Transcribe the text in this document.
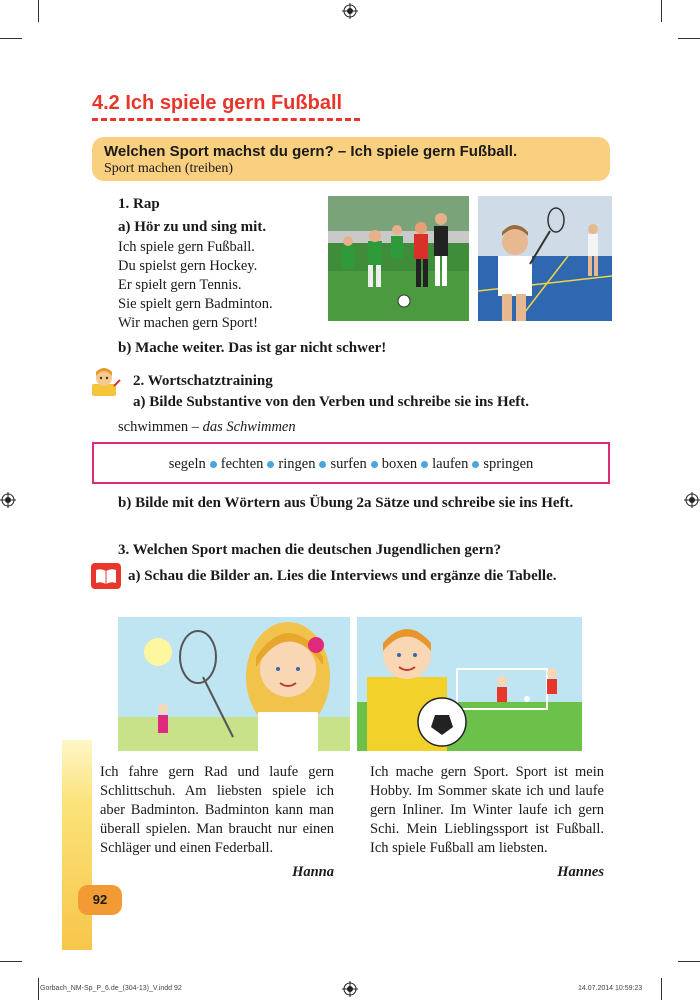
4.2 Ich spiele gern Fußball
Welchen Sport machst du gern? – Ich spiele gern Fußball.
Sport machen (treiben)
1. Rap
a) Hör zu und sing mit.
Ich spiele gern Fußball.
Du spielst gern Hockey.
Er spielt gern Tennis.
Sie spielt gern Badminton.
Wir machen gern Sport!
b) Mache weiter. Das ist gar nicht schwer!
2. Wortschatztraining
a) Bilde Substantive von den Verben und schreibe sie ins Heft.
schwimmen – das Schwimmen
segeln fechten ringen surfen boxen laufen springen
b) Bilde mit den Wörtern aus Übung 2a Sätze und schreibe sie ins Heft.
3. Welchen Sport machen die deutschen Jugendlichen gern?
a) Schau die Bilder an. Lies die Interviews und ergänze die Tabelle.
Ich fahre gern Rad und laufe gern Schlittschuh. Am liebsten spiele ich aber Badminton. Badminton kann man überall spielen. Man braucht nur einen Schläger und einen Federball.
Hanna
Ich mache gern Sport. Sport ist mein Hobby. Im Sommer skate ich und laufe gern Inliner. Im Winter laufe ich gern Schi. Mein Lieblingssport ist Fußball. Ich spiele Fußball am liebsten.
Hannes
92
Gorbach_NM-Sp_P_6.de_(304-13)_V.indd 92	14.07.2014 10:59:23
